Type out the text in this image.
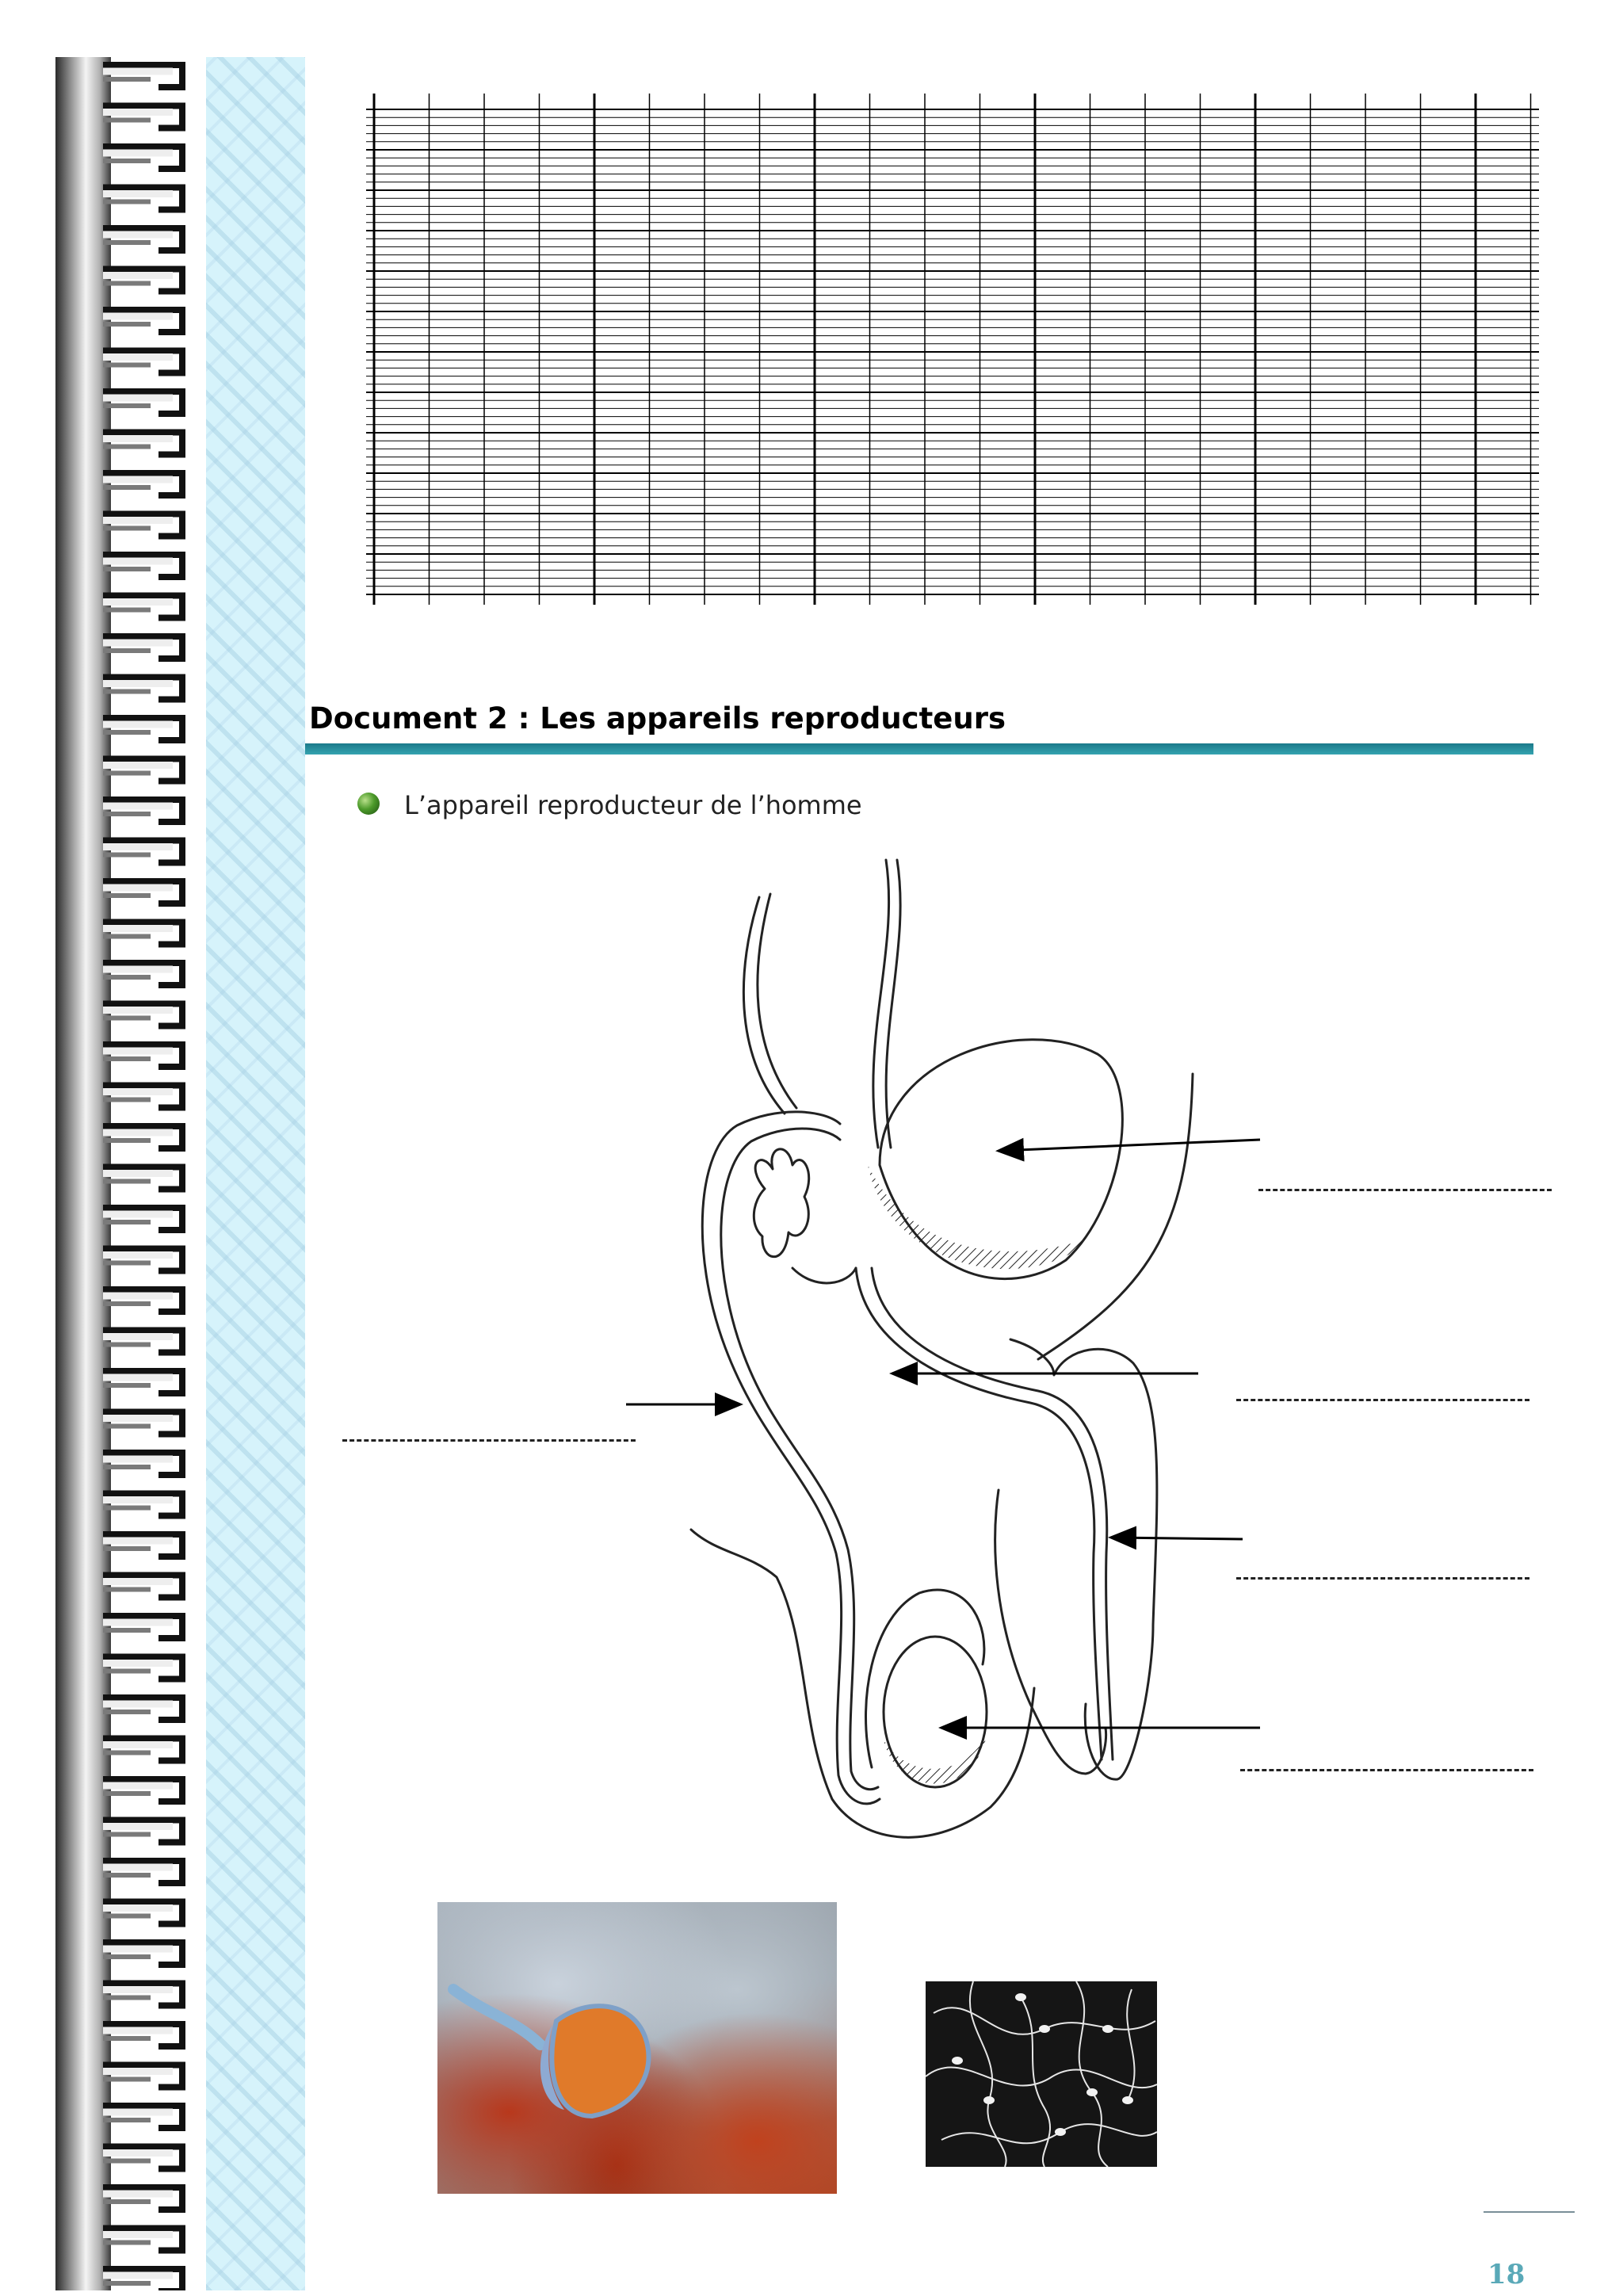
Document 2 : Les appareils reproducteurs
L’appareil reproducteur de l’homme
18
